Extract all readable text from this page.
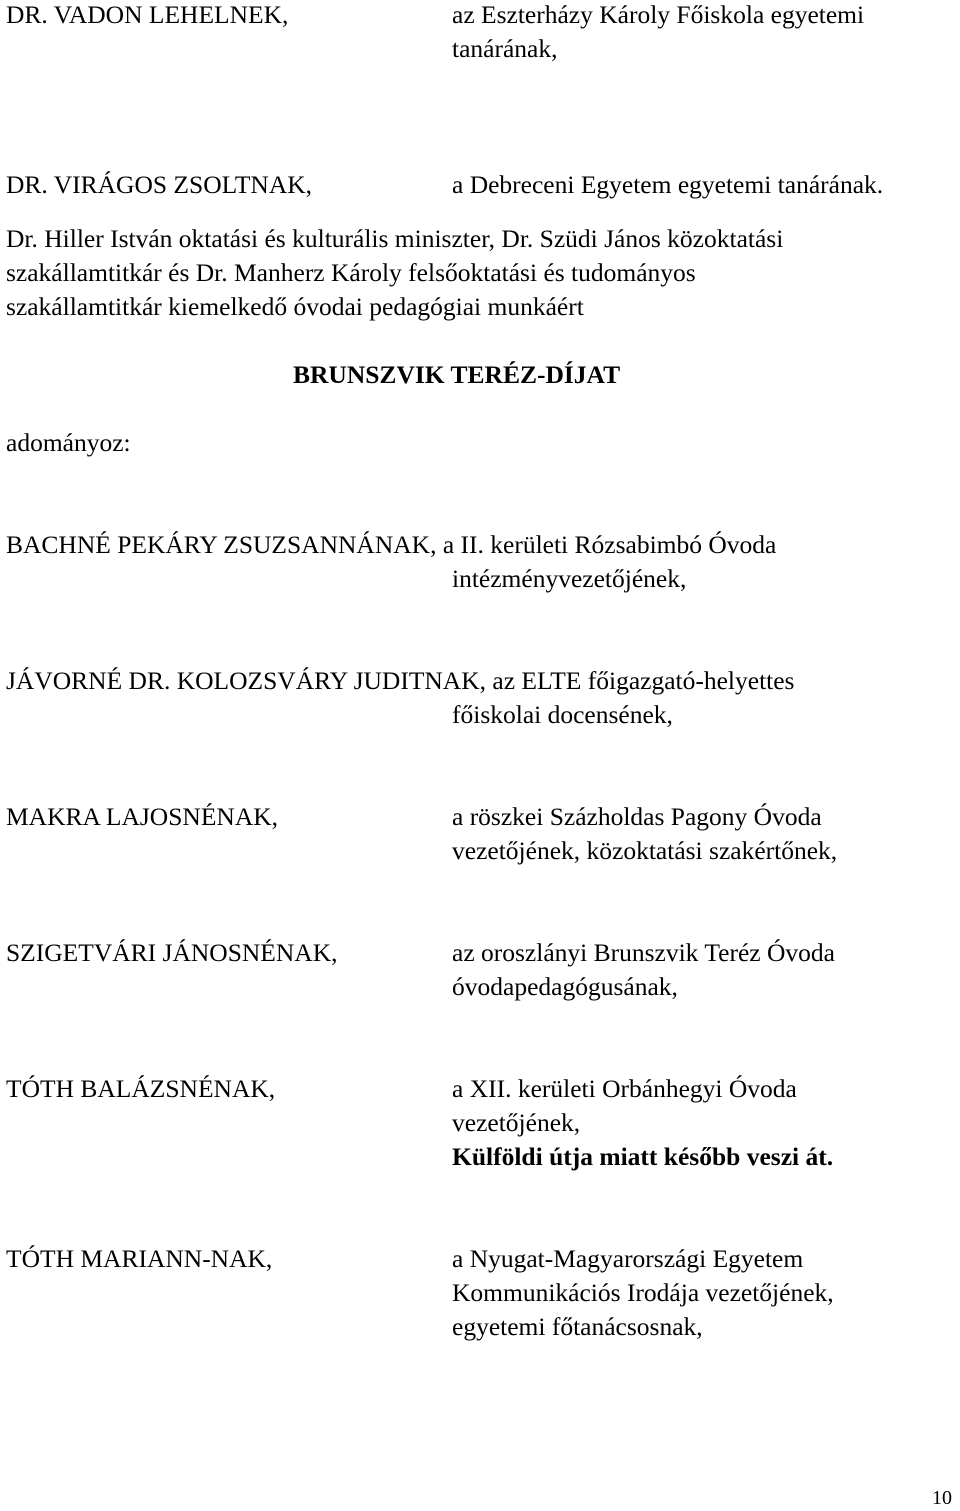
DR. VADON LEHELNEK,	az Eszterházy Károly Főiskola egyetemi
tanárának,
DR. VIRÁGOS ZSOLTNAK,	a Debreceni Egyetem egyetemi tanárának.
Dr. Hiller István oktatási és kulturális miniszter, Dr. Szüdi János közoktatási
szakállamtitkár és Dr. Manherz Károly felsőoktatási és tudományos
szakállamtitkár kiemelkedő óvodai pedagógiai munkáért
BRUNSZVIK TERÉZ-DÍJAT
adományoz:
BACHNÉ PEKÁRY ZSUZSANNÁNAK, a II. kerületi Rózsabimbó Óvoda
intézményvezetőjének,
JÁVORNÉ DR. KOLOZSVÁRY JUDITNAK, az ELTE főigazgató-helyettes
főiskolai docensének,
MAKRA LAJOSNÉNAK,	a röszkei Százholdas Pagony Óvoda
vezetőjének, közoktatási szakértőnek,
SZIGETVÁRI JÁNOSNÉNAK,	az oroszlányi Brunszvik Teréz Óvoda
óvodapedagógusának,
TÓTH BALÁZSNÉNAK,	a XII. kerületi Orbánhegyi Óvoda
vezetőjének,
Külföldi útja miatt később veszi át.
TÓTH MARIANN-NAK,	a Nyugat-Magyarországi Egyetem
Kommunikációs Irodája vezetőjének,
egyetemi főtanácsosnak,
10
